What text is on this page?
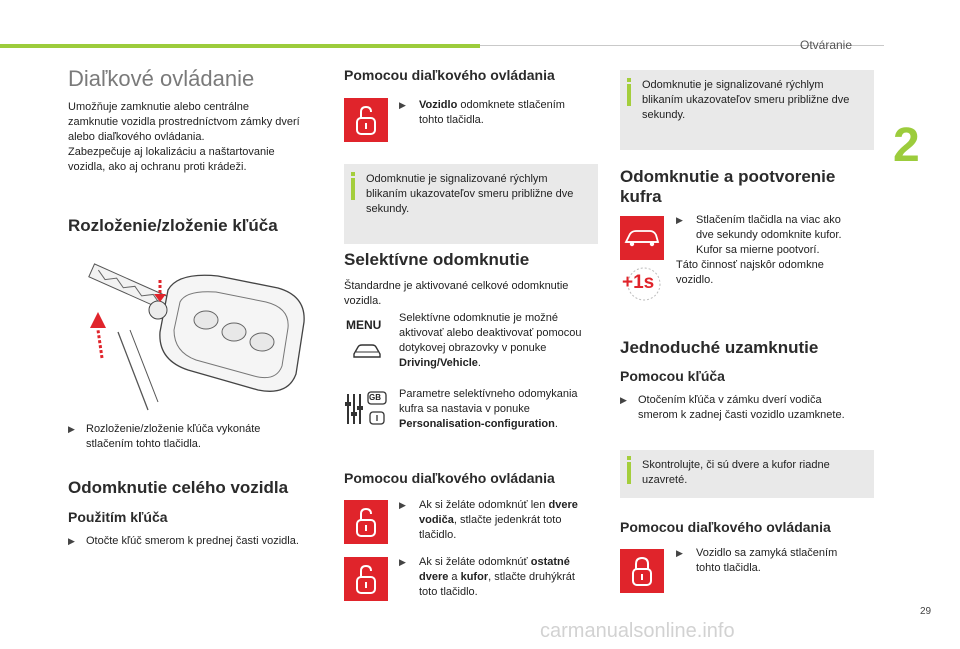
Otváranie
2
29
Diaľkové ovládanie
Umožňuje zamknutie alebo centrálne
zamknutie vozidla prostredníctvom zámky dverí
alebo diaľkového ovládania.
Zabezpečuje aj lokalizáciu a naštartovanie
vozidla, ako aj ochranu proti krádeži.
Rozloženie/zloženie kľúča
▶	Rozloženie/zloženie kľúča vykonáte
stlačením tohto tlačidla.
Odomknutie celého vozidla
Použitím kľúča
▶	Otočte kľúč smerom k prednej časti vozidla.
Pomocou diaľkového ovládania
▶	Vozidlo odomknete stlačením
tohto tlačidla.
Odomknutie je signalizované rýchlym
blikaním ukazovateľov smeru približne dve
sekundy.
Selektívne odomknutie
Štandardne je aktivované celkové odomknutie
vozidla.
MENU Selektívne odomknutie je možné
aktivovať alebo deaktivovať pomocou
dotykovej obrazovky v ponuke
Driving/Vehicle.
GB Parametre selektívneho odomykania
kufra sa nastavia v ponuke
Personalisation-configuration.
Pomocou diaľkového ovládania
▶	Ak si želáte odomknúť len dvere
vodiča, stlačte jedenkrát toto
tlačidlo.
▶	Ak si želáte odomknúť ostatné
dvere a kufor, stlačte druhýkrát
toto tlačidlo.
Odomknutie je signalizované rýchlym
blikaním ukazovateľov smeru približne dve
sekundy.
Odomknutie a pootvorenie
kufra
+1s
▶	Stlačením tlačidla na viac ako
dve sekundy odomknite kufor.
Kufor sa mierne pootvorí.
Táto činnosť najskôr odomkne
vozidlo.
Jednoduché uzamknutie
Pomocou kľúča
▶	Otočením kľúča v zámku dverí vodiča
smerom k zadnej časti vozidlo uzamknete.
Skontrolujte, či sú dvere a kufor riadne
uzavreté.
Pomocou diaľkového ovládania
▶	Vozidlo sa zamyká stlačením
tohto tlačidla.
carmanualsonline.info
